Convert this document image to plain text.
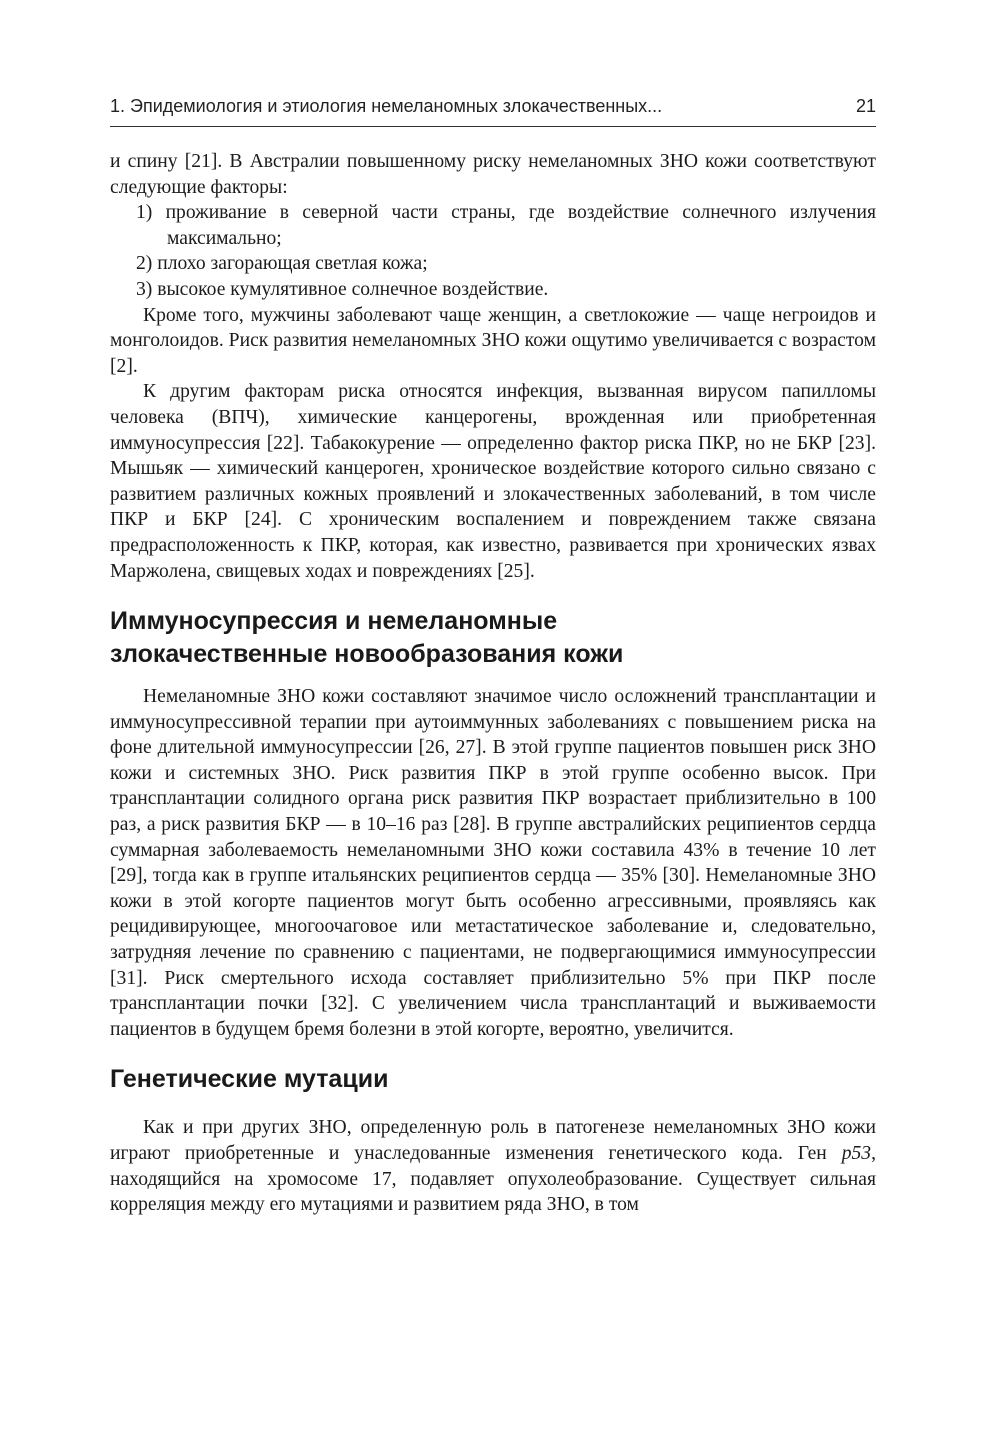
1. Эпидемиология и этиология немеланомных злокачественных...	21

и спину [21]. В Австралии повышенному риску немеланомных ЗНО кожи соответствуют следующие факторы:

1) проживание в северной части страны, где воздействие солнечного излучения максимально;
2) плохо загорающая светлая кожа;
3) высокое кумулятивное солнечное воздействие.

Кроме того, мужчины заболевают чаще женщин, а светлокожие — чаще негроидов и монголоидов. Риск развития немеланомных ЗНО кожи ощутимо увеличивается с возрастом [2].

К другим факторам риска относятся инфекция, вызванная вирусом папилломы человека (ВПЧ), химические канцерогены, врожденная или приобретенная иммуносупрессия [22]. Табакокурение — определенно фактор риска ПКР, но не БКР [23]. Мышьяк — химический канцероген, хроническое воздействие которого сильно связано с развитием различных кожных проявлений и злокачественных заболеваний, в том числе ПКР и БКР [24]. С хроническим воспалением и повреждением также связана предрасположенность к ПКР, которая, как известно, развивается при хронических язвах Маржолена, свищевых ходах и повреждениях [25].

Иммуносупрессия и немеланомные
злокачественные новообразования кожи

Немеланомные ЗНО кожи составляют значимое число осложнений трансплантации и иммуносупрессивной терапии при аутоиммунных заболеваниях с повышением риска на фоне длительной иммуносупрессии [26, 27]. В этой группе пациентов повышен риск ЗНО кожи и системных ЗНО. Риск развития ПКР в этой группе особенно высок. При трансплантации солидного органа риск развития ПКР возрастает приблизительно в 100 раз, а риск развития БКР — в 10–16 раз [28]. В группе австралийских реципиентов сердца суммарная заболеваемость немеланомными ЗНО кожи составила 43% в течение 10 лет [29], тогда как в группе итальянских реципиентов сердца — 35% [30]. Немеланомные ЗНО кожи в этой когорте пациентов могут быть особенно агрессивными, проявляясь как рецидивирующее, многоочаговое или метастатическое заболевание и, следовательно, затрудняя лечение по сравнению с пациентами, не подвергающимися иммуносупрессии [31]. Риск смертельного исхода составляет приблизительно 5% при ПКР после трансплантации почки [32]. С увеличением числа трансплантаций и выживаемости пациентов в будущем бремя болезни в этой когорте, вероятно, увеличится.

Генетические мутации

Как и при других ЗНО, определенную роль в патогенезе немеланомных ЗНО кожи играют приобретенные и унаследованные изменения генетического кода. Ген p53, находящийся на хромосоме 17, подавляет опухолеобразование. Существует сильная корреляция между его мутациями и развитием ряда ЗНО, в том
